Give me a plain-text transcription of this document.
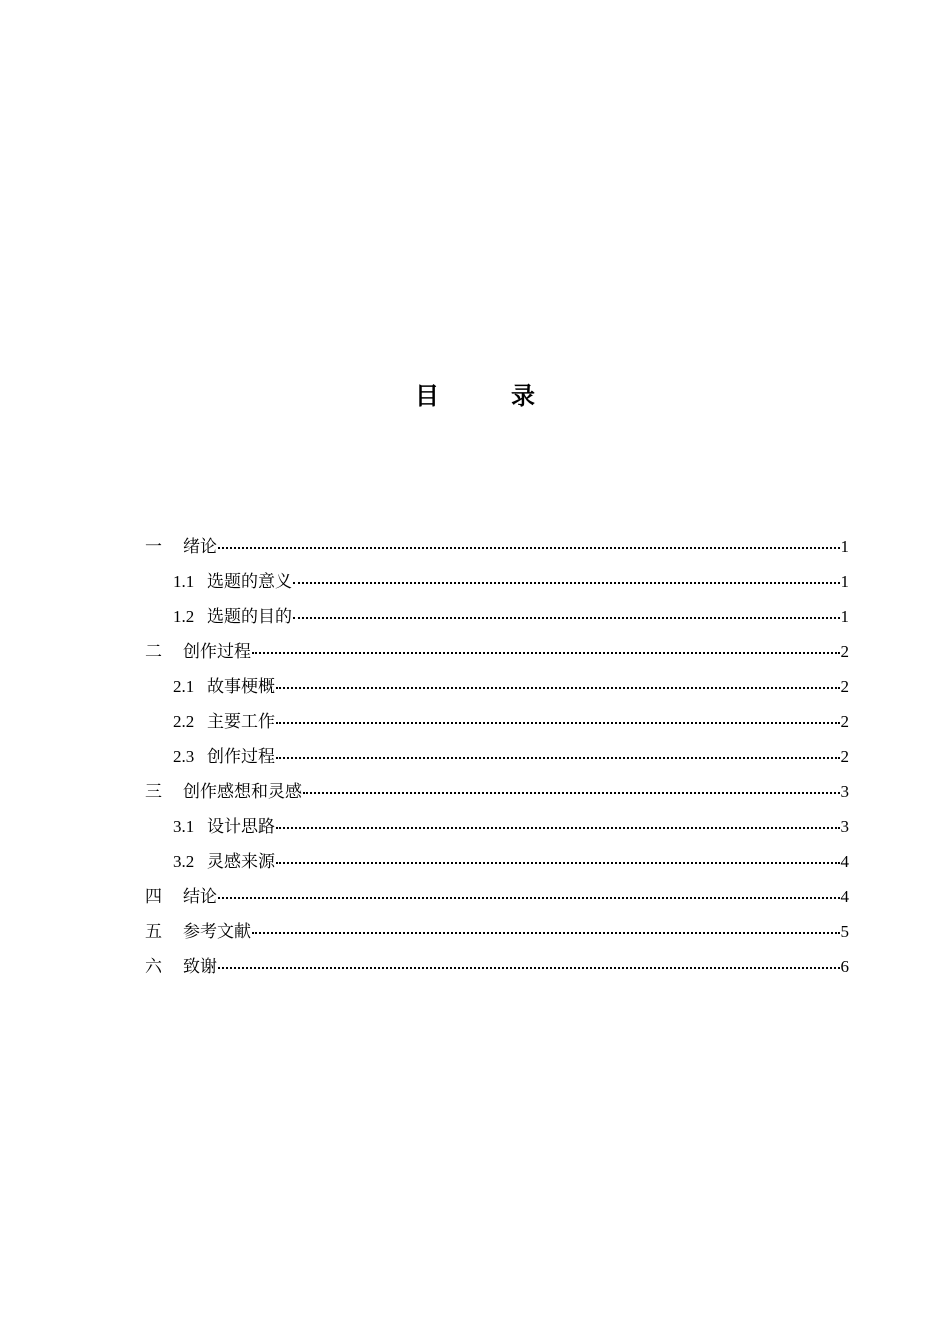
目　　　录
一	绪论	1
1.1 选题的意义	1
1.2 选题的目的	1
二	创作过程	2
2.1 故事梗概	2
2.2 主要工作	2
2.3 创作过程	2
三	创作感想和灵感	3
3.1 设计思路	3
3.2 灵感来源	4
四	结论	4
五	参考文献	5
六	致谢	6
